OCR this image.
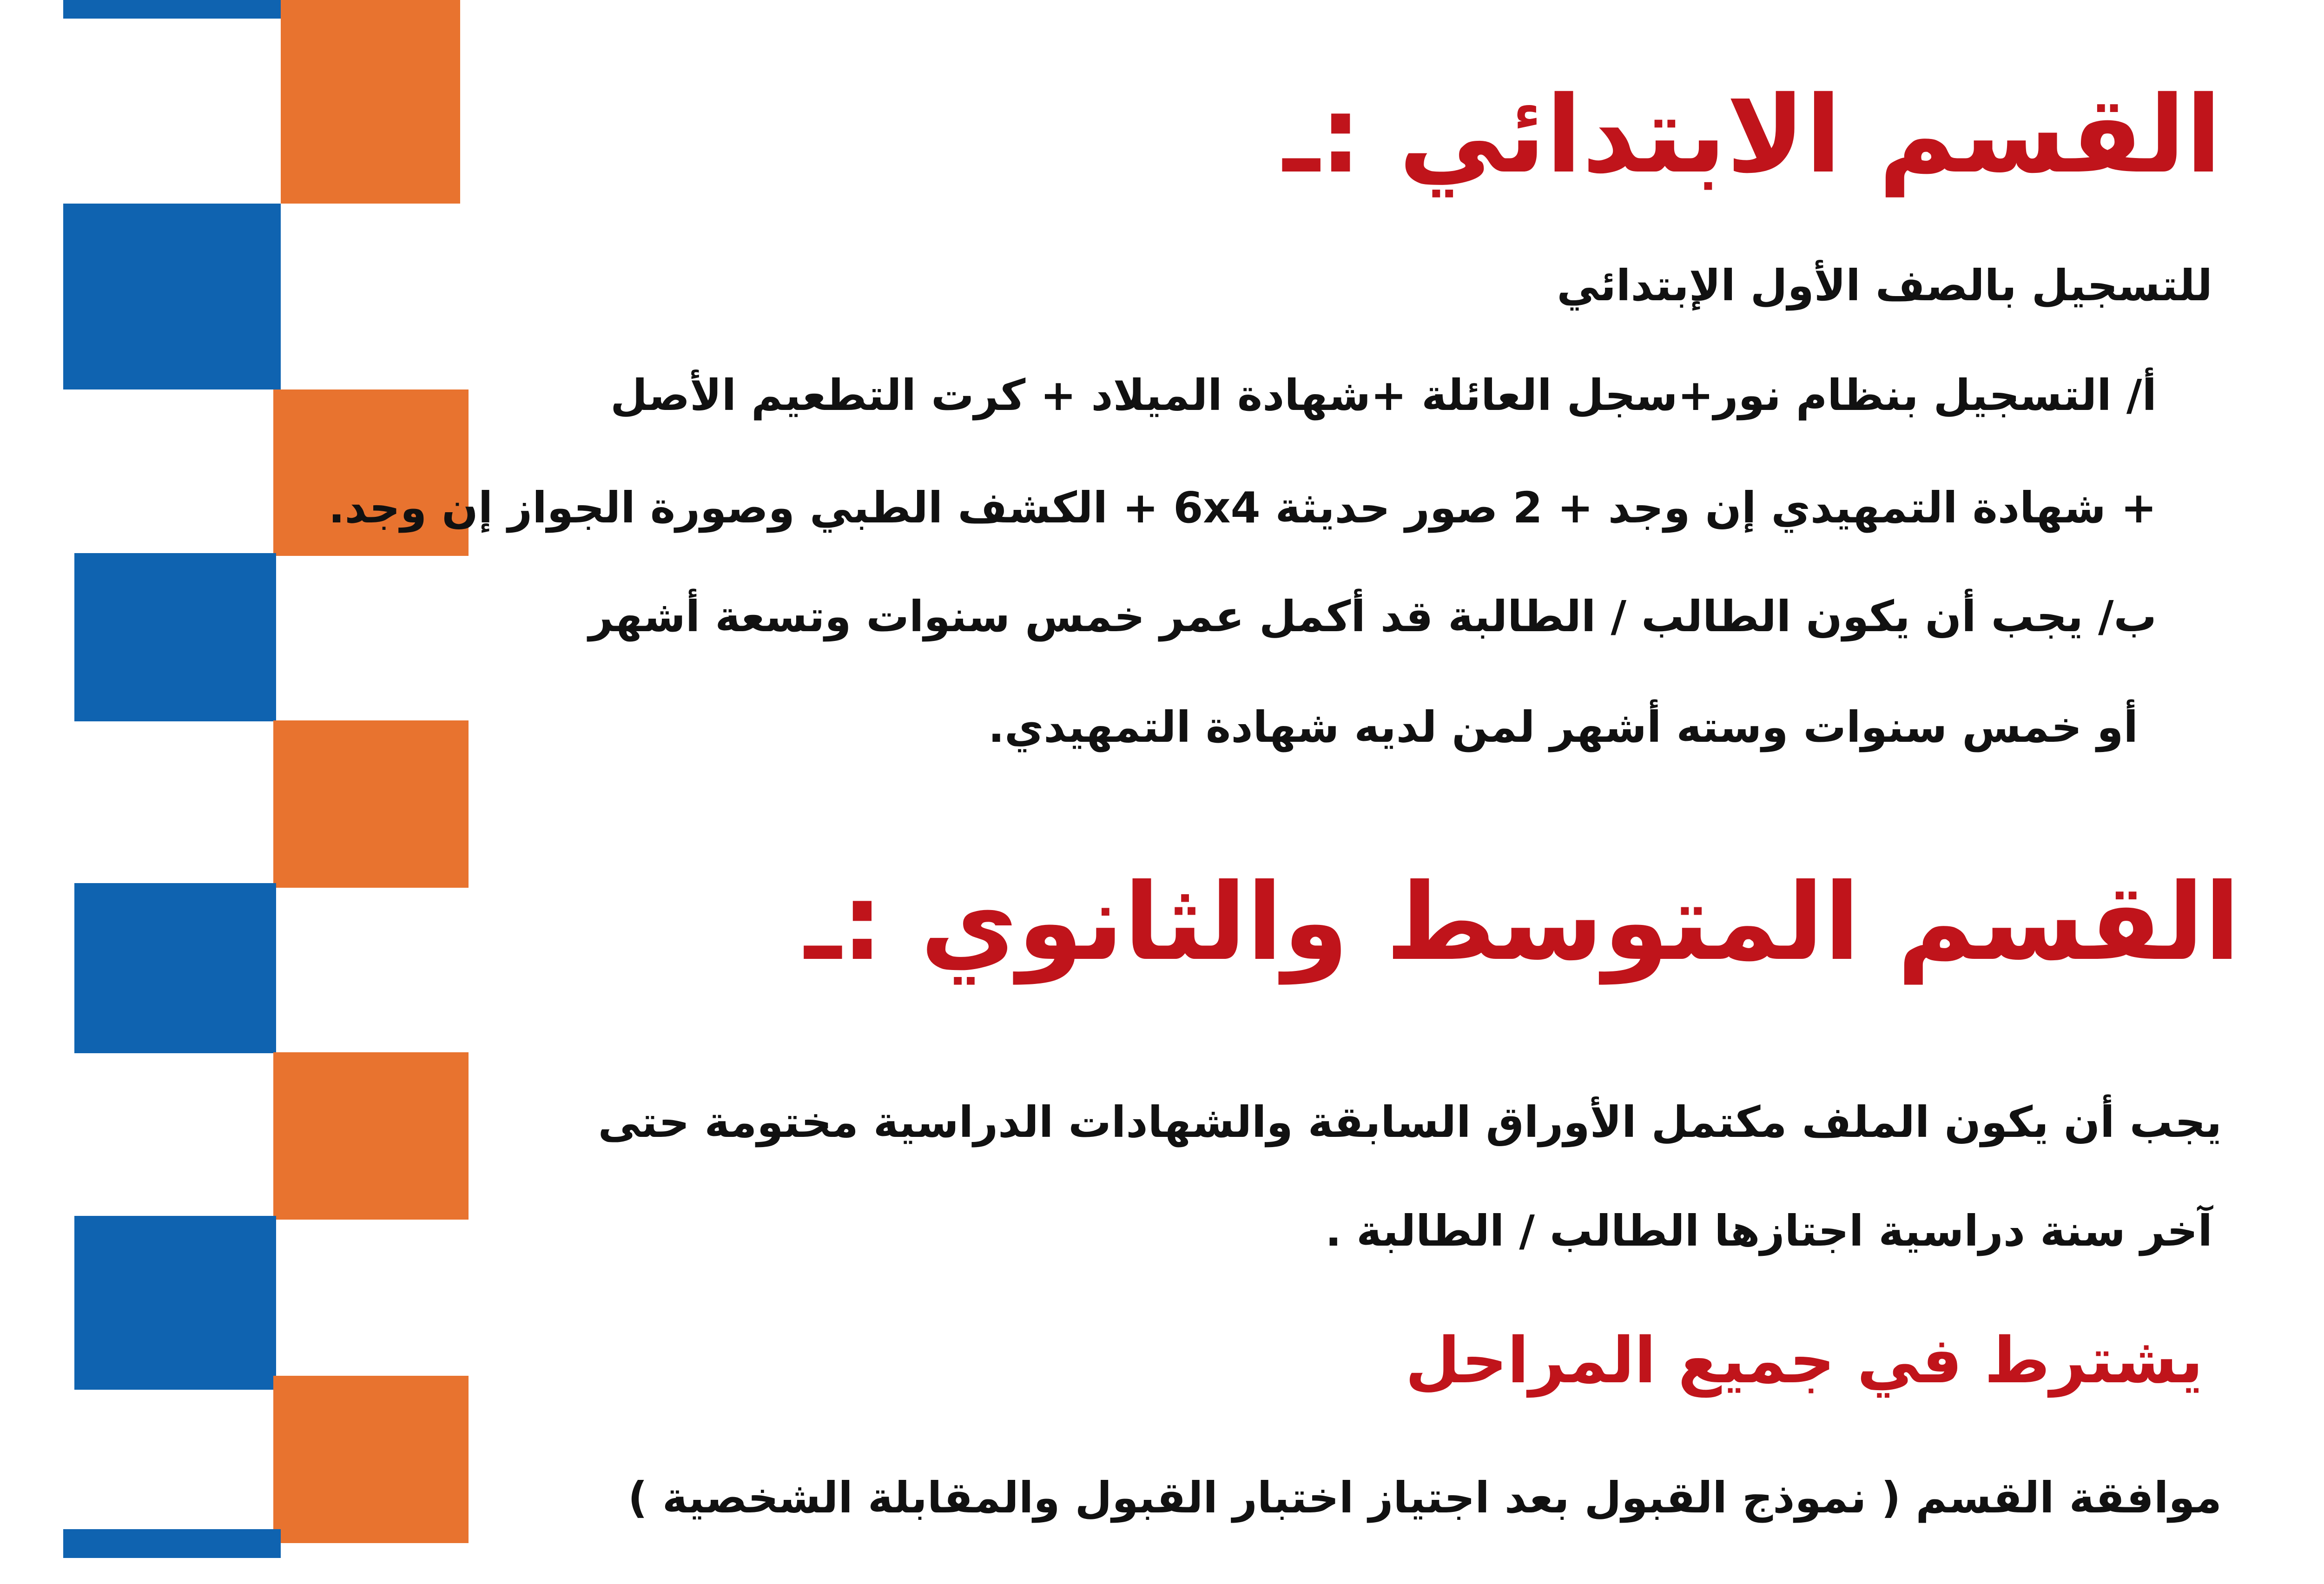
القسم الابتدائي :ـ
للتسجيل بالصف الأول الإبتدائي
أ/ التسجيل بنظام نور+سجل العائلة +شهادة الميلاد + كرت التطعيم الأصل
+ شهادة التمهيدي إن وجد + 2 صور حديثة 6x4 + الكشف الطبي وصورة الجواز إن وجد.
ب/ يجب أن يكون الطالب / الطالبة قد أكمل عمر خمس سنوات وتسعة أشهر
أو خمس سنوات وسته أشهر لمن لديه شهادة التمهيدي.
القسم المتوسط والثانوي :ـ
يجب أن يكون الملف مكتمل الأوراق السابقة والشهادات الدراسية مختومة حتى
آخر سنة دراسية اجتازها الطالب / الطالبة .
يشترط في جميع المراحل
موافقة القسم ( نموذج القبول بعد اجتياز اختبار القبول والمقابلة الشخصية )
